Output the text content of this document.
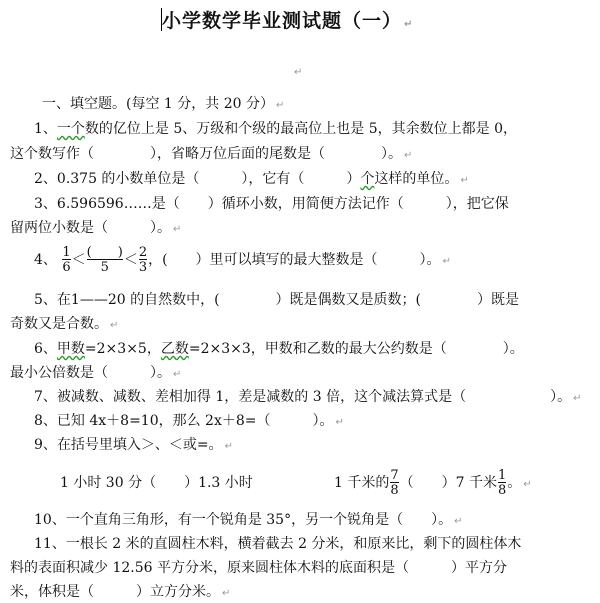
小学数学毕业测试题（一） ↵
↵
一、填空题。(每空 1 分，共 20 分） ↵
1、一个数的亿位上是 5、万级和个级的最高位上也是 5，其余数位上都是 0，
这个数写作（　　　　），省略万位后面的尾数是（　　　　）。 ↵
2、0.375 的小数单位是（　　　），它有（　　　）个这样的单位。 ↵
3、6.596596……是（　　）循环小数，用简便方法记作（　　　），把它保
留两位小数是（　　　）。 ↵
4、 $\frac{1}{6} < \frac{( )}{5} < \frac{2}{3}$ ，(　　）里可以填写的最大整数是（　　　）。 ↵
5、在1——20 的自然数中，(　　　　）既是偶数又是质数；(　　　　）既是
奇数又是合数。 ↵
6、甲数=2×3×5，乙数=2×3×3，甲数和乙数的最大公约数是（　　　　）。
最小公倍数是（　　　）。 ↵
7、被减数、减数、差相加得 1，差是减数的 3 倍，这个减法算式是（　　　　　　）。 ↵
8、已知 4x＋8=10，那么 2x＋8=（　　　）。 ↵
9、在括号里填入＞、＜或=。 ↵
1 小时 30 分（　　）1.3 小时	1 千米的 $\frac{7}{8}$ （　　）7 千米 $\frac{1}{8}$ 。 ↵
10、一个直角三角形，有一个锐角是 35°，另一个锐角是（　　）。 ↵
11、一根长 2 米的直圆柱木料，横着截去 2 分米，和原来比，剩下的圆柱体木
料的表面积减少 12.56 平方分米，原来圆柱体木料的底面积是（　　　）平方分
米，体积是（　　　）立方分米。 ↵
